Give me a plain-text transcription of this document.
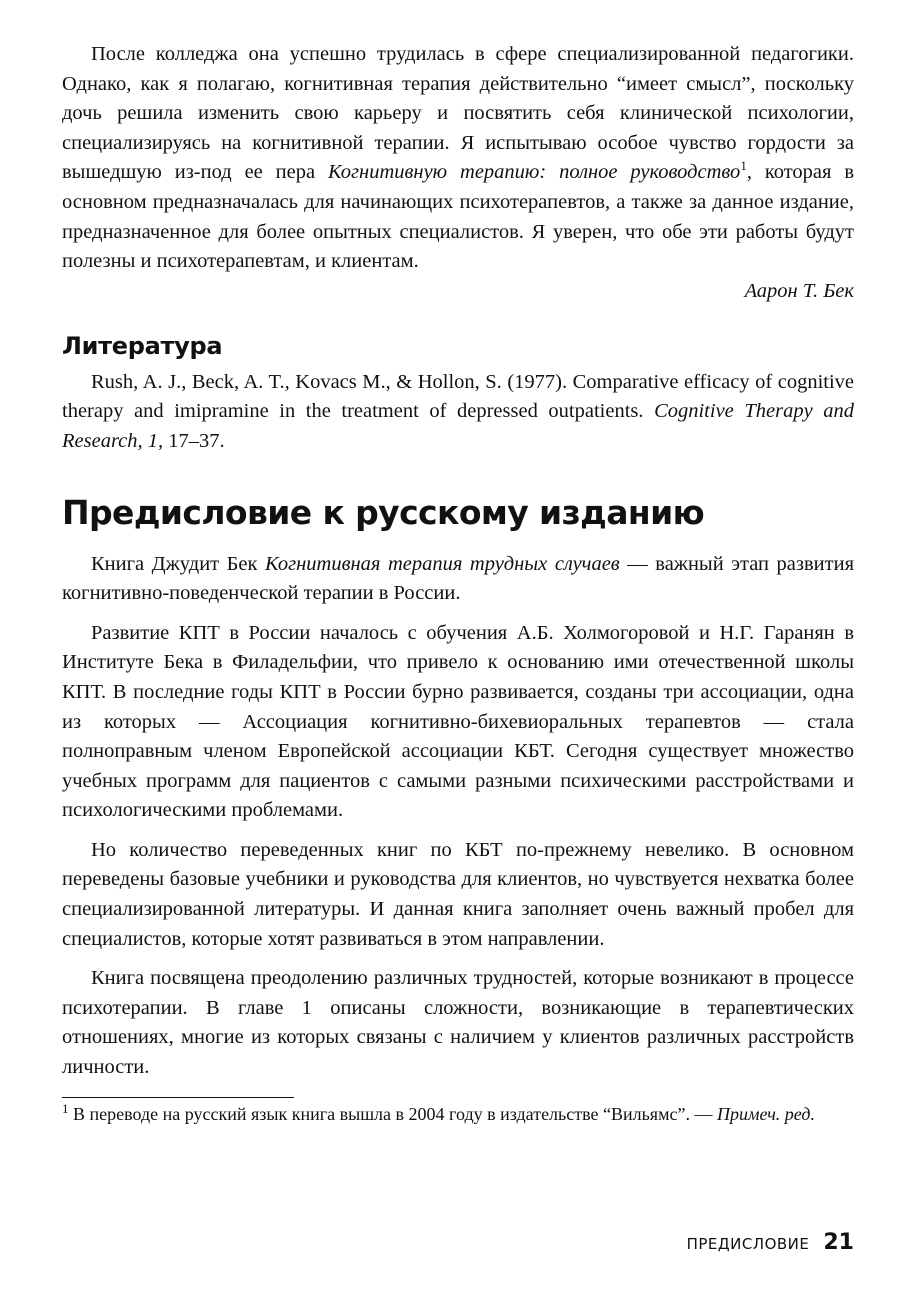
После колледжа она успешно трудилась в сфере специализированной педагогики. Однако, как я полагаю, когнитивная терапия действительно “имеет смысл”, поскольку дочь решила изменить свою карьеру и посвятить себя клинической психологии, специализируясь на когнитивной терапии. Я испытываю особое чувство гордости за вышедшую из-под ее пера Когнитивную терапию: полное руководство$^1$, которая в основном предназначалась для начинающих психотерапевтов, а также за данное издание, предназначенное для более опытных специалистов. Я уверен, что обе эти работы будут полезны и психотерапевтам, и клиентам.

Аарон Т. Бек
Литература

Rush, A. J., Beck, A. T., Kovacs M., & Hollon, S. (1977). Comparative efficacy of cognitive therapy and imipramine in the treatment of depressed outpatients. Cognitive Therapy and Research, 1, 17–37.

Предисловие к русскому изданию

Книга Джудит Бек Когнитивная терапия трудных случаев — важный этап развития когнитивно-поведенческой терапии в России.

Развитие КПТ в России началось с обучения А.Б. Холмогоровой и Н.Г. Гаранян в Институте Бека в Филадельфии, что привело к основанию ими отечественной школы КПТ. В последние годы КПТ в России бурно развивается, созданы три ассоциации, одна из которых — Ассоциация когнитивно-бихевиоральных терапевтов — стала полноправным членом Европейской ассоциации КБТ. Сегодня существует множество учебных программ для пациентов с самыми разными психическими расстройствами и психологическими проблемами.

Но количество переведенных книг по КБТ по-прежнему невелико. В основном переведены базовые учебники и руководства для клиентов, но чувствуется нехватка более специализированной литературы. И данная книга заполняет очень важный пробел для специалистов, которые хотят развиваться в этом направлении.

Книга посвящена преодолению различных трудностей, которые возникают в процессе психотерапии. В главе 1 описаны сложности, возникающие в терапевтических отношениях, многие из которых связаны с наличием у клиентов различных расстройств личности.

$^1$ В переводе на русский язык книга вышла в 2004 году в издательстве “Вильямс”. — Примеч. ред.

ПРЕДИСЛОВИЕ 21
